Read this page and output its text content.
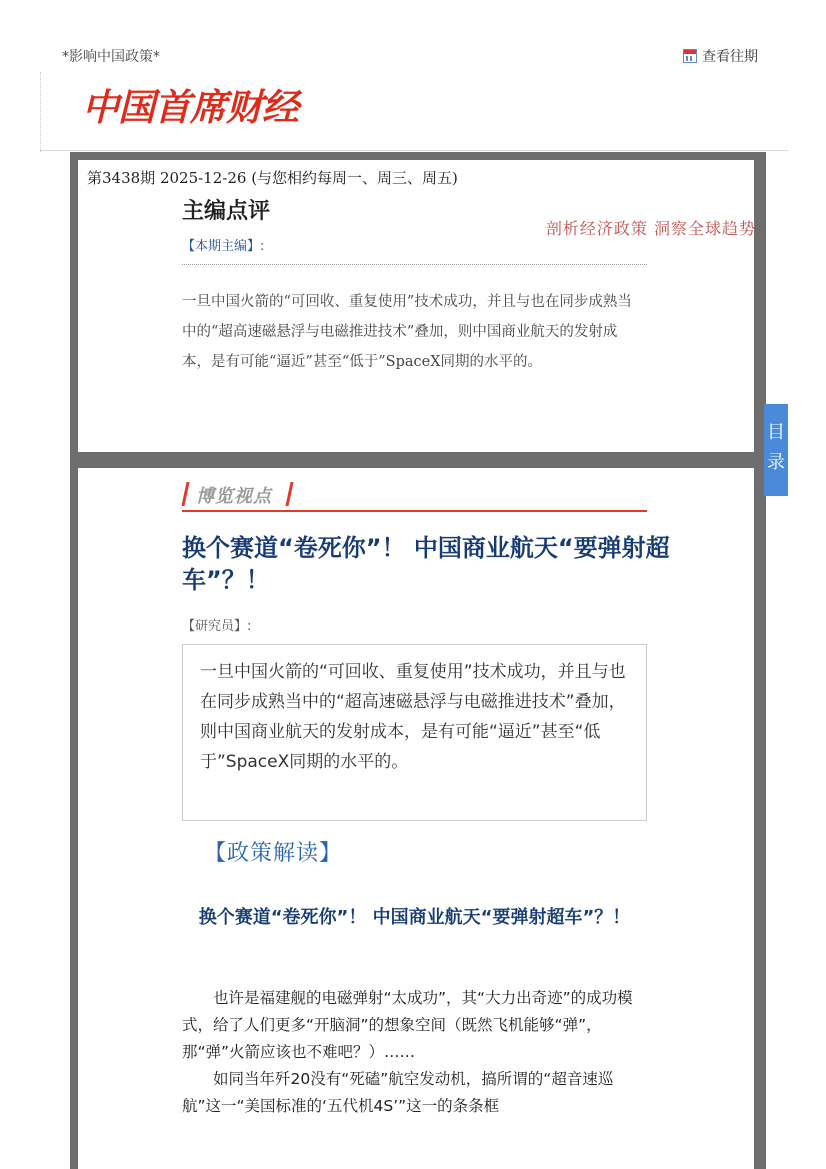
*影响中国政策*	查看往期
中国首席财经
第3438期 2025-12-26 (与您相约每周一、周三、周五)
主编点评
剖析经济政策 洞察全球趋势
【本期主编】:
一旦中国火箭的“可回收、重复使用”技术成功，并且与也在同步成熟当中的“超高速磁悬浮与电磁推进技术”叠加，则中国商业航天的发射成本，是有可能“逼近”甚至“低于”SpaceX同期的水平的。
目
录
博览视点
换个赛道“卷死你”！ 中国商业航天“要弹射超车”？！
【研究员】:
一旦中国火箭的“可回收、重复使用”技术成功，并且与也在同步成熟当中的“超高速磁悬浮与电磁推进技术”叠加，则中国商业航天的发射成本，是有可能“逼近”甚至“低于”SpaceX同期的水平的。
【政策解读】
换个赛道“卷死你”！ 中国商业航天“要弹射超车”？！

也许是福建舰的电磁弹射“太成功”，其“大力出奇迹”的成功模式，给了人们更多“开脑洞”的想象空间（既然飞机能够“弹”，那“弹”火箭应该也不难吧？）……

如同当年歼20没有“死磕”航空发动机，搞所谓的“超音速巡航”这一“美国标准的‘五代机4S’”这一的条条框
